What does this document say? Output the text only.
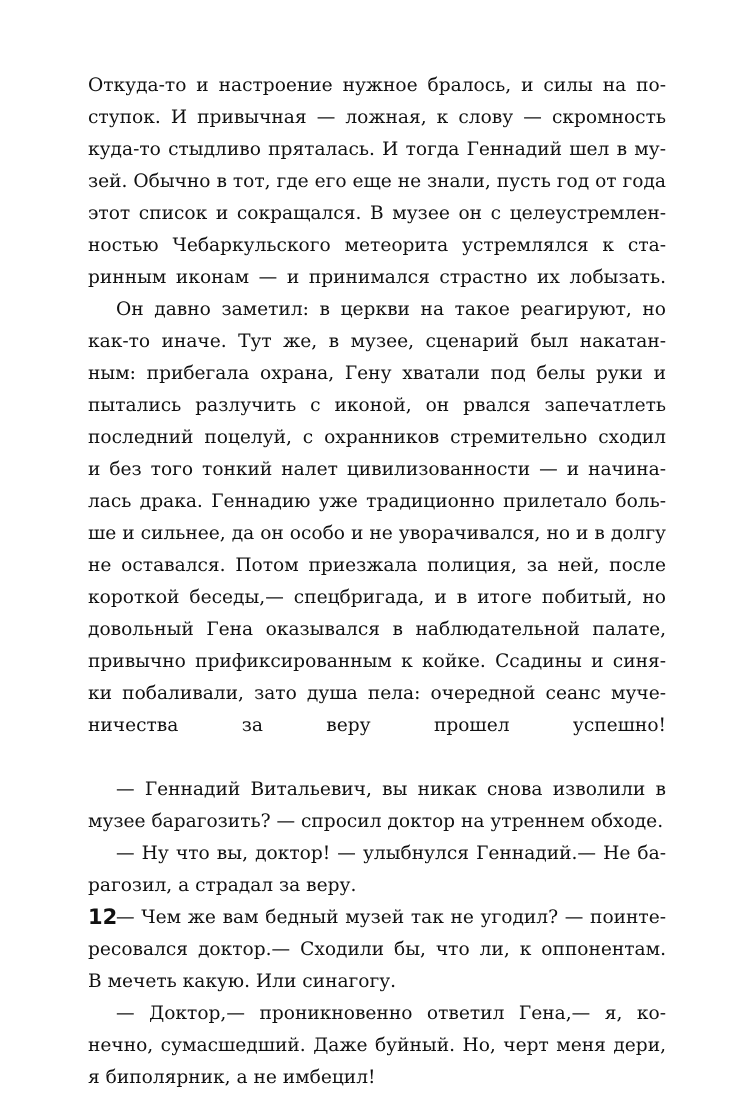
Откуда-то и настроение нужное бралось, и силы на по-
ступок. И привычная — ложная, к слову — скромность
куда-то стыдливо пряталась. И тогда Геннадий шел в му-
зей. Обычно в тот, где его еще не знали, пусть год от года
этот список и сокращался. В музее он с целеустремлен-
ностью Чебаркульского метеорита устремлялся к ста-
ринным иконам — и принимался страстно их лобызать.
Он давно заметил: в церкви на такое реагируют, но
как-то иначе. Тут же, в музее, сценарий был накатан-
ным: прибегала охрана, Гену хватали под белы руки и
пытались разлучить с иконой, он рвался запечатлеть
последний поцелуй, с охранников стремительно сходил
и без того тонкий налет цивилизованности — и начина-
лась драка. Геннадию уже традиционно прилетало боль-
ше и сильнее, да он особо и не уворачивался, но и в долгу
не оставался. Потом приезжала полиция, за ней, после
короткой беседы,— спецбригада, и в итоге побитый, но
довольный Гена оказывался в наблюдательной палате,
привычно прификсированным к койке. Ссадины и синя-
ки побаливали, зато душа пела: очередной сеанс муче-
ничества за веру прошел успешно!
— Геннадий Витальевич, вы никак снова изволили в
музее барагозить? — спросил доктор на утреннем обходе.
— Ну что вы, доктор! — улыбнулся Геннадий.— Не ба-
рагозил, а страдал за веру.
— Чем же вам бедный музей так не угодил? — поинте-
ресовался доктор.— Сходили бы, что ли, к оппонентам.
В мечеть какую. Или синагогу.
— Доктор,— проникновенно ответил Гена,— я, ко-
нечно, сумасшедший. Даже буйный. Но, черт меня дери,
я биполярник, а не имбецил!
12
